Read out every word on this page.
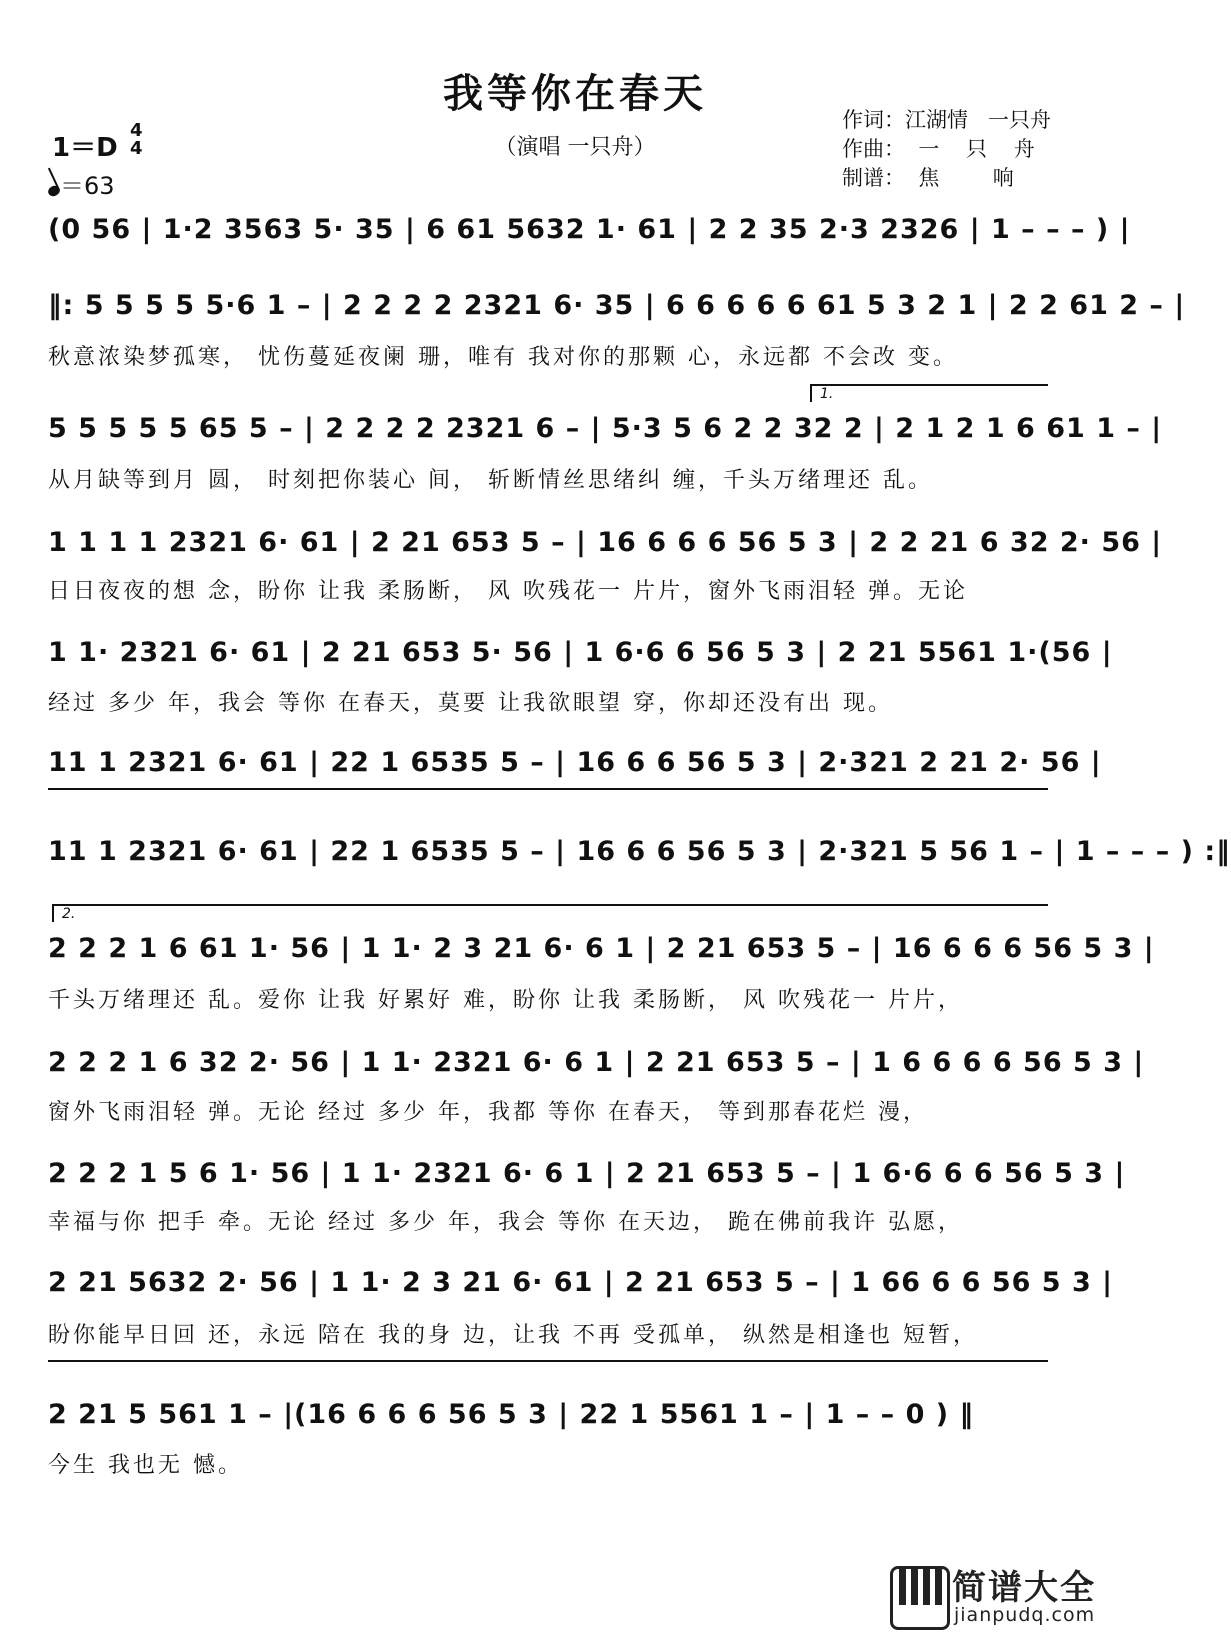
我等你在春天
（演唱 一只舟）
作词：江湖情   一只舟
作曲：  一    只    舟
制谱：  焦        响
1＝D
4
4
＝63
(0 56 | 1·2 3563 5· 35 | 6 61 5632 1· 61 | 2 2 35 2·3 2326 | 1 – – – ) |
‖: 5 5 5 5 5·6 1 – | 2 2 2 2 2321 6· 35 | 6 6 6 6 6 61 5 3 2 1 | 2 2 61 2 – |
秋意浓染梦孤寒， 忧伤蔓延夜阑 珊，唯有 我对你的那颗 心，永远都 不会改 变。
1.
5 5 5 5 5 65 5 – | 2 2 2 2 2321 6 – | 5·3 5 6 2 2 32 2 | 2 1 2 1 6 61 1 – |
从月缺等到月 圆， 时刻把你装心 间， 斩断情丝思绪纠 缠，千头万绪理还 乱。
1 1 1 1 2321 6· 61 | 2 21 653 5 – | 16 6 6 6 56 5 3 | 2 2 21 6 32 2· 56 |
日日夜夜的想 念，盼你 让我 柔肠断， 风 吹残花一 片片，窗外飞雨泪轻 弹。无论
1 1· 2321 6· 61 | 2 21 653 5· 56 | 1 6·6 6 56 5 3 | 2 21 5561 1·(56 |
经过 多少 年，我会 等你 在春天，莫要 让我欲眼望 穿，你却还没有出 现。
11 1 2321 6· 61 | 22 1 6535 5 – | 16 6 6 56 5 3 | 2·321 2 21 2· 56 |
11 1 2321 6· 61 | 22 1 6535 5 – | 16 6 6 56 5 3 | 2·321 5 56 1 – | 1 – – – ) :‖
2.
2 2 2 1 6 61 1· 56 | 1 1· 2 3 21 6· 6 1 | 2 21 653 5 – | 16 6 6 6 56 5 3 |
千头万绪理还 乱。爱你 让我 好累好 难，盼你 让我 柔肠断， 风 吹残花一 片片，
2 2 2 1 6 32 2· 56 | 1 1· 2321 6· 6 1 | 2 21 653 5 – | 1 6 6 6 6 56 5 3 |
窗外飞雨泪轻 弹。无论 经过 多少 年，我都 等你 在春天， 等到那春花烂 漫，
2 2 2 1 5 6 1· 56 | 1 1· 2321 6· 6 1 | 2 21 653 5 – | 1 6·6 6 6 56 5 3 |
幸福与你 把手 牵。无论 经过 多少 年，我会 等你 在天边， 跪在佛前我许 弘愿，
2 21 5632 2· 56 | 1 1· 2 3 21 6· 61 | 2 21 653 5 – | 1 66 6 6 56 5 3 |
盼你能早日回 还，永远 陪在 我的身 边，让我 不再 受孤单， 纵然是相逢也 短暂，
2 21 5 561 1 – |(16 6 6 6 56 5 3 | 22 1 5561 1 – | 1 – – 0 ) ‖
今生 我也无 憾。
简谱大全
jianpudq.com
